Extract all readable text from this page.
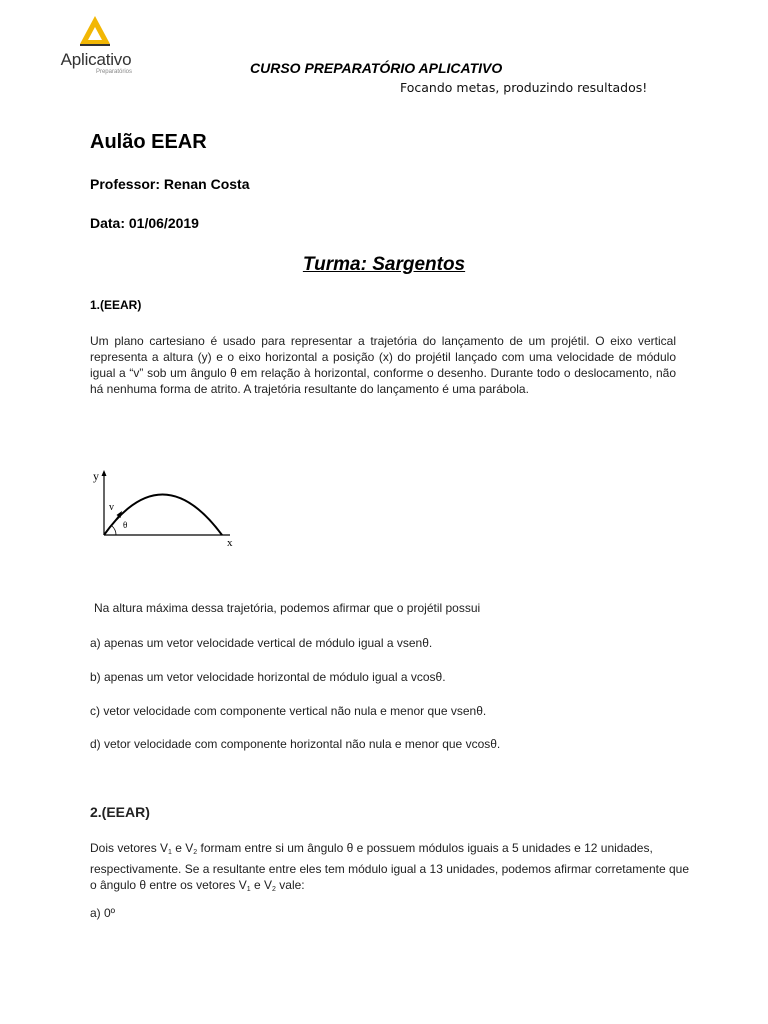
Aplicativo
Preparatórios	CURSO PREPARATÓRIO APLICATIVO
Focando metas, produzindo resultados!
Aulão EEAR
Professor: Renan Costa
Data: 01/06/2019
Turma: Sargentos
1.(EEAR)
Um plano cartesiano é usado para representar a trajetória do lançamento de um projétil. O eixo vertical representa a altura (y) e o eixo horizontal a posição (x) do projétil lançado com uma velocidade de módulo igual a “v” sob um ângulo θ em relação à horizontal, conforme o desenho. Durante todo o deslocamento, não há nenhuma forma de atrito. A trajetória resultante do lançamento é uma parábola.
y
x
v
θ
Na altura máxima dessa trajetória, podemos afirmar que o projétil possui
a) apenas um vetor velocidade vertical de módulo igual a vsenθ.
b) apenas um vetor velocidade horizontal de módulo igual a vcosθ.
c) vetor velocidade com componente vertical não nula e menor que vsenθ.
d) vetor velocidade com componente horizontal não nula e menor que vcosθ.
2.(EEAR)
Dois vetores $V_1$ e $V_2$ formam entre si um ângulo θ e possuem módulos iguais a 5 unidades e 12 unidades, respectivamente. Se a resultante entre eles tem módulo igual a 13 unidades, podemos afirmar corretamente que o ângulo θ entre os vetores $V_1$ e $V_2$ vale:
a) 0º
